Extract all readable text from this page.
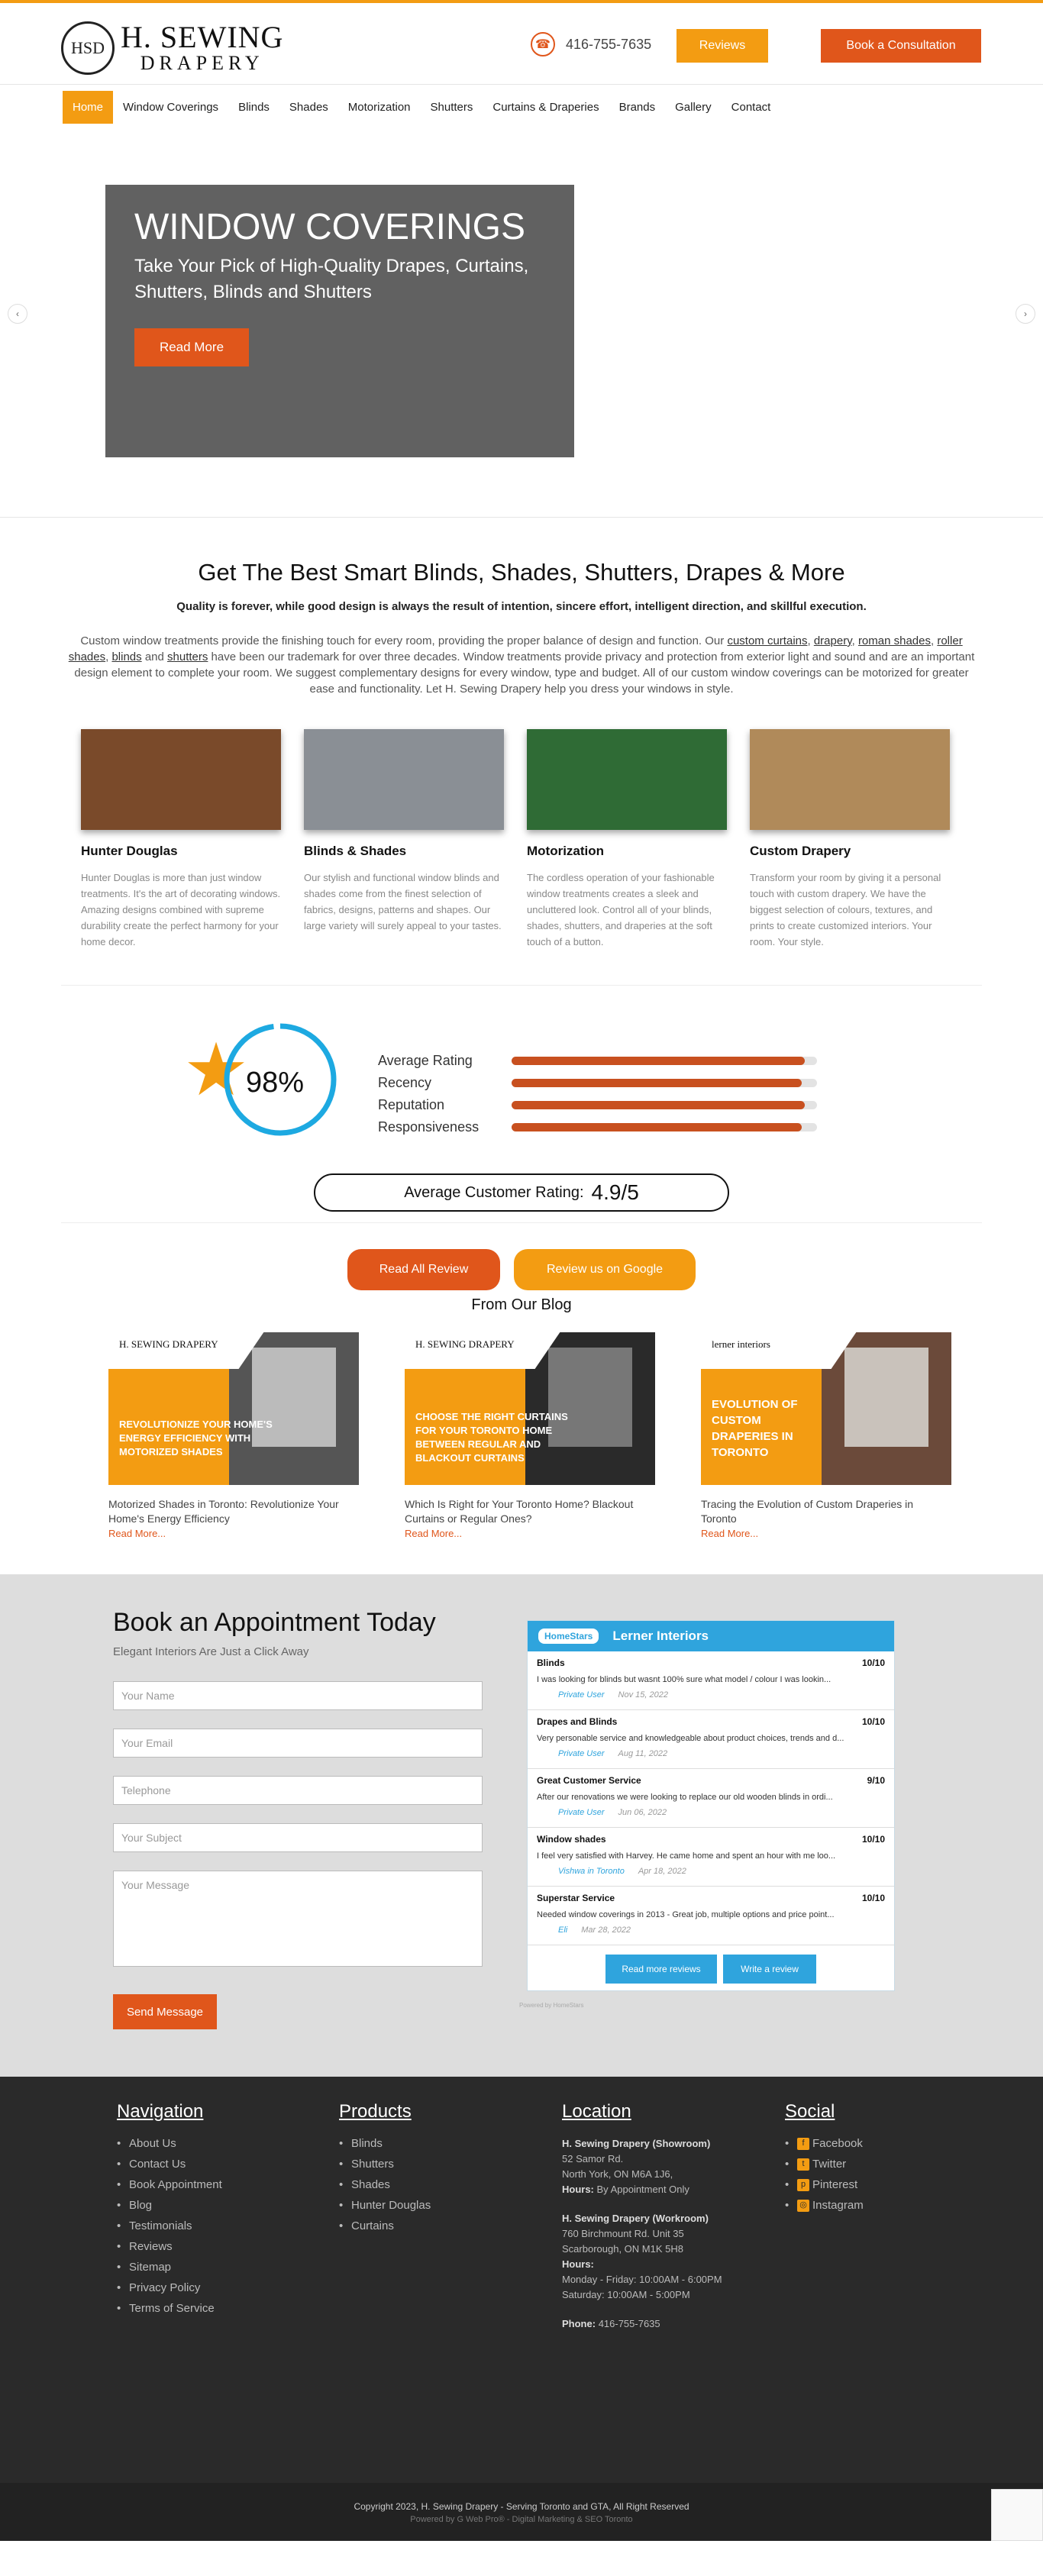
HSD H. SEWING
DRAPERY
☎	416-755-7635	Reviews	Book a Consultation
Home	Window Coverings	Blinds	Shades	Motorization	Shutters	Curtains & Draperies	Brands	Gallery	Contact
‹
WINDOW COVERINGS
Take Your Pick of High-Quality Drapes, Curtains, Shutters, Blinds and Shutters
Read More
›
Get The Best Smart Blinds, Shades, Shutters, Drapes & More

Quality is forever, while good design is always the result of intention, sincere effort, intelligent direction, and skillful execution.

Custom window treatments provide the finishing touch for every room, providing the proper balance of design and function. Our custom curtains, drapery, roman shades, roller shades, blinds and shutters have been our trademark for over three decades. Window treatments provide privacy and protection from exterior light and sound and are an important design element to complete your room. We suggest complementary designs for every window, type and budget. All of our custom window coverings can be motorized for greater ease and functionality. Let H. Sewing Drapery help you dress your windows in style.

Hunter Douglas

Hunter Douglas is more than just window treatments. It's the art of decorating windows. Amazing designs combined with supreme durability create the perfect harmony for your home decor.

Blinds & Shades

Our stylish and functional window blinds and shades come from the finest selection of fabrics, designs, patterns and shapes. Our large variety will surely appeal to your tastes.

Motorization

The cordless operation of your fashionable window treatments creates a sleek and uncluttered look. Control all of your blinds, shades, shutters, and draperies at the soft touch of a button.

Custom Drapery

Transform your room by giving it a personal touch with custom drapery. We have the biggest selection of colours, textures, and prints to create customized interiors. Your room. Your style.

★
98%
Average Rating
Recency
Reputation
Responsiveness
Average Customer Rating: 4.9/5
Read All Review	Review us on Google
From Our Blog
H. SEWING DRAPERY
REVOLUTIONIZE YOUR HOME'S ENERGY EFFICIENCY WITH MOTORIZED SHADES

Motorized Shades in Toronto: Revolutionize Your Home's Energy Efficiency

Read More...
H. SEWING DRAPERY
CHOOSE THE RIGHT CURTAINS FOR YOUR TORONTO HOME BETWEEN REGULAR AND BLACKOUT CURTAINS

Which Is Right for Your Toronto Home? Blackout Curtains or Regular Ones?

Read More...
lerner interiors
EVOLUTION OF CUSTOM DRAPERIES IN TORONTO

Tracing the Evolution of Custom Draperies in Toronto

Read More...
Book an Appointment Today
Elegant Interiors Are Just a Click Away
Your Name
Your Email
Telephone
Your Subject
Your Message
Send Message
HomeStars	Lerner Interiors
Blinds	10/10
I was looking for blinds but wasnt 100% sure what model / colour I was lookin...
Private User Nov 15, 2022
Drapes and Blinds	10/10
Very personable service and knowledgeable about product choices, trends and d...
Private User Aug 11, 2022
Great Customer Service	9/10
After our renovations we were looking to replace our old wooden blinds in ordi...
Private User Jun 06, 2022
Window shades	10/10
I feel very satisfied with Harvey. He came home and spent an hour with me loo...
Vishwa in Toronto Apr 18, 2022
Superstar Service	10/10
Needed window coverings in 2013 - Great job, multiple options and price point...
Eli Mar 28, 2022
Read more reviews	Write a review
Powered by HomeStars
Navigation
• About Us
• Contact Us
• Book Appointment
• Blog
• Testimonials
• Reviews
• Sitemap
• Privacy Policy
• Terms of Service
Products
• Blinds
• Shutters
• Shades
• Hunter Douglas
• Curtains
Location
H. Sewing Drapery (Showroom)
52 Samor Rd.
North York, ON M6A 1J6,
Hours: By Appointment Only
H. Sewing Drapery (Workroom)
760 Birchmount Rd. Unit 35
Scarborough, ON M1K 5H8
Hours:
Monday - Friday: 10:00AM - 6:00PM
Saturday: 10:00AM - 5:00PM
Phone: 416-755-7635
Social
• f Facebook
• t Twitter
• p Pinterest
• ◎ Instagram
Copyright 2023, H. Sewing Drapery - Serving Toronto and GTA, All Right Reserved
Powered by G Web Pro® - Digital Marketing & SEO Toronto
